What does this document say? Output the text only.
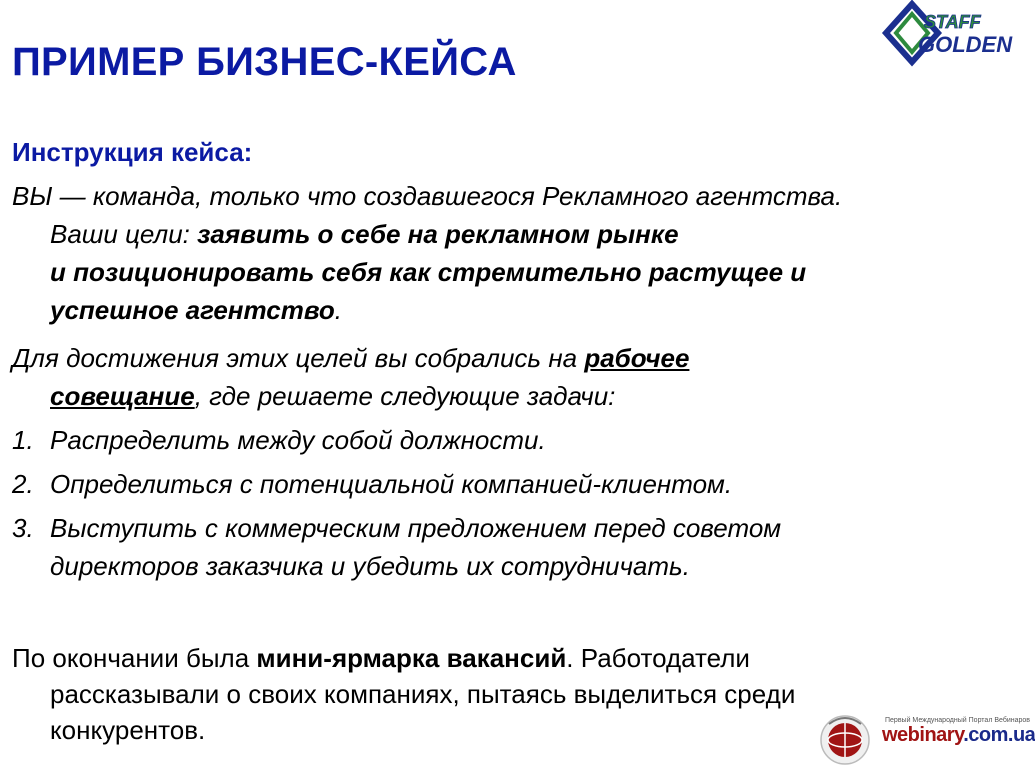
ПРИМЕР БИЗНЕС-КЕЙСА
STAFF
GOLDEN
Инструкция кейса:
ВЫ — команда, только что создавшегося Рекламного агентства.
Ваши цели: заявить о себе на рекламном рынке
и позиционировать себя как стремительно растущее и
успешное агентство.
Для достижения этих целей вы собрались на рабочее
совещание, где решаете следующие задачи:
1. Распределить между собой должности.
2. Определиться с потенциальной компанией-клиентом.
3. Выступить с коммерческим предложением перед советом
директоров заказчика и убедить их сотрудничать.
По окончании была мини-ярмарка вакансий. Работодатели
рассказывали о своих компаниях, пытаясь выделиться среди
конкурентов.	Первый Международный Портал Вебинаров
webinary.com.ua
